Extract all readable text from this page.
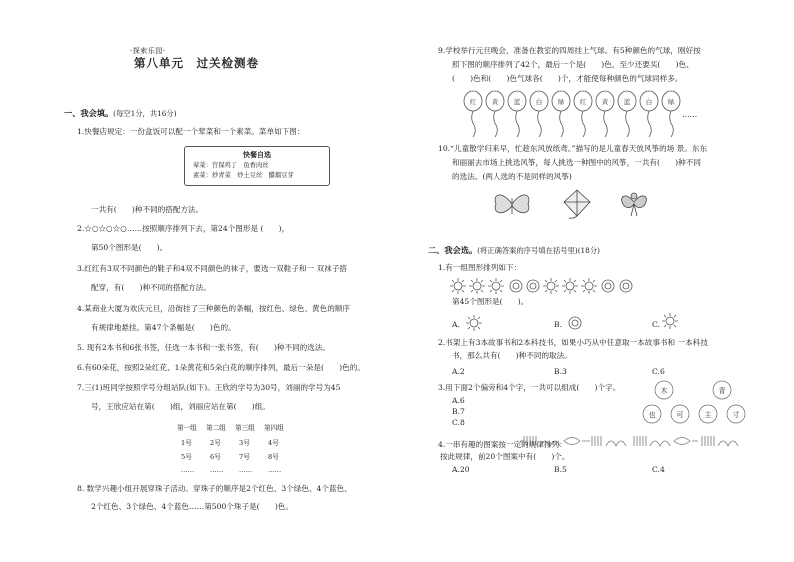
·探索乐园·
第八单元　过关检测卷
一、我会填。(每空1分，共16分)
1.快餐店规定：一份盒饭可以配一个荤菜和一个素菜。菜单如下图：
快餐自选
荤菜：宫保鸡丁　鱼香肉丝
素菜：炒青菜　炒土豆丝　醋熘豆芽
一共有(　　)种不同的搭配方法。
2.☆○☆○☆○……按照顺序排列下去，第24个图形是 (　　)，
第50个图形是(　　)。
3.红红有3双不同颜色的鞋子和4双不同颜色的袜子，要选一双鞋子和一 双袜子搭
配穿，有(　　)种不同的搭配方法。
4.某商业大厦为欢庆元旦，沿街挂了三种颜色的条幅，按红色、绿色、黄色的顺序
有规律地悬挂。第47个条幅是(　　)色的。
5. 现有2本书和6张书签，任选一本书和一张书签，有(　　)种不同的选法。
6.有60朵花，按照2朵红花、1朵黄花和5朵白花的顺序排列，最后一朵是(　　)色的。
7.三(1)班同学按照学号分组站队(如下)。王欣的学号为30号，刘丽的学号为45
号，王欣应站在第(　　)组，刘丽应站在第(　　)组。
第一组 第二组 第三组 第四组
1号	2号	3号	4号
5号	6号	7号	8号
…… …… …… ……
8. 数学兴趣小组开展穿珠子活动。穿珠子的顺序是2个红色、3个绿色、4个蓝色、
2个红色、3个绿色、4个蓝色……第500个珠子是(　　)色。
9.学校举行元旦晚会，准备在教室的四周挂上气球。有5种颜色的气球，刚好按
照下图的顺序排列了42个，最后一个是(　　)色，至少还要买(　　)色、
(　　)色和(　　)色气球各(　　)个，才能使每种颜色的气球同样多。
红 黄 蓝 白 绿 红 黄 蓝 白 绿
……
10.“儿童散学归来早，忙趁东风放纸鸢。”描写的是儿童春天放风筝的场 景。东东
和丽丽去市场上挑选风筝，每人挑选一种图中的风筝，一共有(　　)种不同
的选法。(两人选的不是同样的风筝)
二、我会选。(将正确答案的序号填在括号里)(18分)
1.有一组图形排列如下：
第45个图形是(　　)。
A.	B.	C.
2.书架上有3本故事书和2本科技书，如果小巧从中任意取一本故事书和 一本科技
书，那么共有(　　)种不同的取法。
A.2	B.3	C.6
3.用下面2个偏旁和4个字，一共可以组成(　　)个字。
A.6
B.7
C.8
木	青
也	可	主	寸
4.一串有趣的图案按一定的规律排列：
按此规律，前20个图案中有(　　)个。
A.20	B.5	C.4
